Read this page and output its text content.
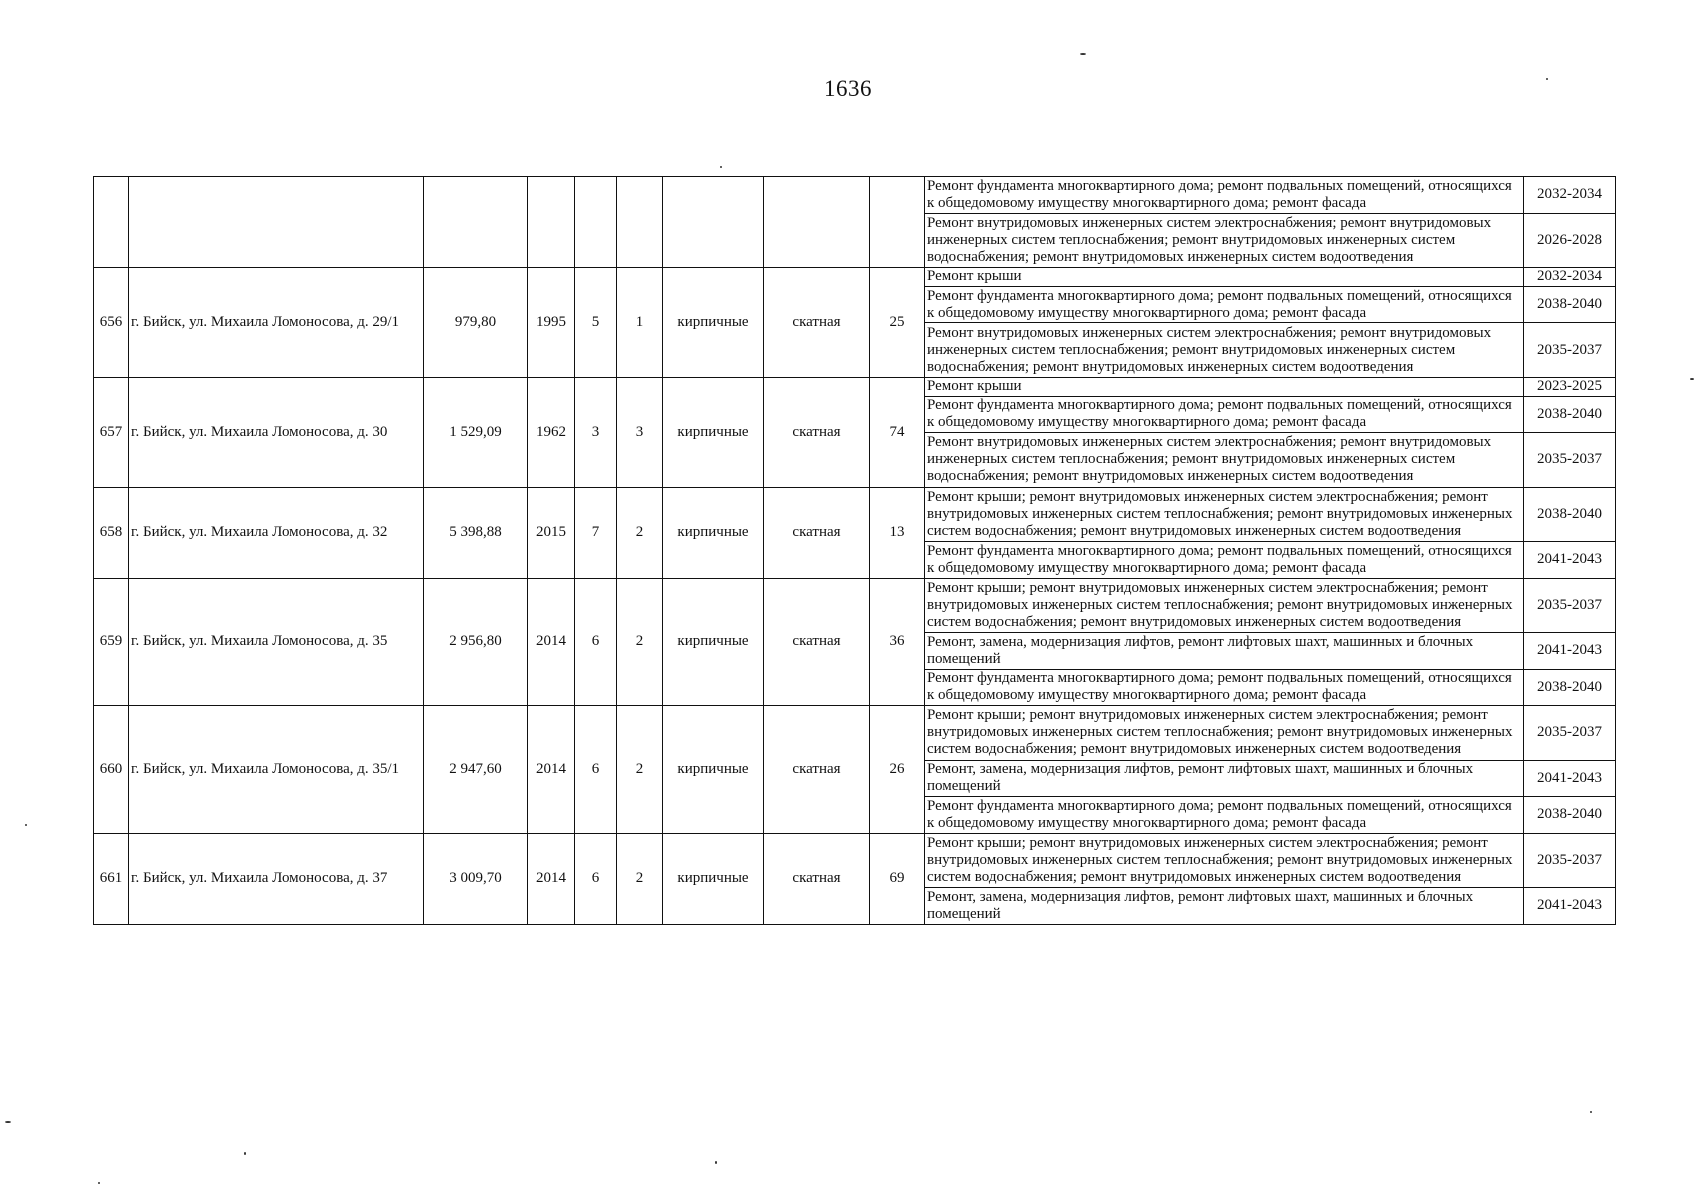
1636
									Ремонт фундамента многоквартирного дома; ремонт подвальных помещений, относящихся к общедомовому имуществу многоквартирного дома; ремонт фасада	2032-2034
									Ремонт внутридомовых инженерных систем электроснабжения; ремонт внутридомовых инженерных систем теплоснабжения; ремонт внутридомовых инженерных систем водоснабжения; ремонт внутридомовых инженерных систем водоотведения	2026-2028
656	г. Бийск, ул. Михаила Ломоносова, д. 29/1	979,80	1995	5	1	кирпичные	скатная	25	Ремонт крыши	2032-2034
									Ремонт фундамента многоквартирного дома; ремонт подвальных помещений, относящихся к общедомовому имуществу многоквартирного дома; ремонт фасада	2038-2040
									Ремонт внутридомовых инженерных систем электроснабжения; ремонт внутридомовых инженерных систем теплоснабжения; ремонт внутридомовых инженерных систем водоснабжения; ремонт внутридомовых инженерных систем водоотведения	2035-2037
657	г. Бийск, ул. Михаила Ломоносова, д. 30	1 529,09	1962	3	3	кирпичные	скатная	74	Ремонт крыши	2023-2025
									Ремонт фундамента многоквартирного дома; ремонт подвальных помещений, относящихся к общедомовому имуществу многоквартирного дома; ремонт фасада	2038-2040
									Ремонт внутридомовых инженерных систем электроснабжения; ремонт внутридомовых инженерных систем теплоснабжения; ремонт внутридомовых инженерных систем водоснабжения; ремонт внутридомовых инженерных систем водоотведения	2035-2037
658	г. Бийск, ул. Михаила Ломоносова, д. 32	5 398,88	2015	7	2	кирпичные	скатная	13	Ремонт крыши; ремонт внутридомовых инженерных систем электроснабжения; ремонт внутридомовых инженерных систем теплоснабжения; ремонт внутридомовых инженерных систем водоснабжения; ремонт внутридомовых инженерных систем водоотведения	2038-2040
									Ремонт фундамента многоквартирного дома; ремонт подвальных помещений, относящихся к общедомовому имуществу многоквартирного дома; ремонт фасада	2041-2043
659	г. Бийск, ул. Михаила Ломоносова, д. 35	2 956,80	2014	6	2	кирпичные	скатная	36	Ремонт крыши; ремонт внутридомовых инженерных систем электроснабжения; ремонт внутридомовых инженерных систем теплоснабжения; ремонт внутридомовых инженерных систем водоснабжения; ремонт внутридомовых инженерных систем водоотведения	2035-2037
									Ремонт, замена, модернизация лифтов, ремонт лифтовых шахт, машинных и блочных помещений	2041-2043
									Ремонт фундамента многоквартирного дома; ремонт подвальных помещений, относящихся к общедомовому имуществу многоквартирного дома; ремонт фасада	2038-2040
660	г. Бийск, ул. Михаила Ломоносова, д. 35/1	2 947,60	2014	6	2	кирпичные	скатная	26	Ремонт крыши; ремонт внутридомовых инженерных систем электроснабжения; ремонт внутридомовых инженерных систем теплоснабжения; ремонт внутридомовых инженерных систем водоснабжения; ремонт внутридомовых инженерных систем водоотведения	2035-2037
									Ремонт, замена, модернизация лифтов, ремонт лифтовых шахт, машинных и блочных помещений	2041-2043
									Ремонт фундамента многоквартирного дома; ремонт подвальных помещений, относящихся к общедомовому имуществу многоквартирного дома; ремонт фасада	2038-2040
661	г. Бийск, ул. Михаила Ломоносова, д. 37	3 009,70	2014	6	2	кирпичные	скатная	69	Ремонт крыши; ремонт внутридомовых инженерных систем электроснабжения; ремонт внутридомовых инженерных систем теплоснабжения; ремонт внутридомовых инженерных систем водоснабжения; ремонт внутридомовых инженерных систем водоотведения	2035-2037
									Ремонт, замена, модернизация лифтов, ремонт лифтовых шахт, машинных и блочных помещений	2041-2043
